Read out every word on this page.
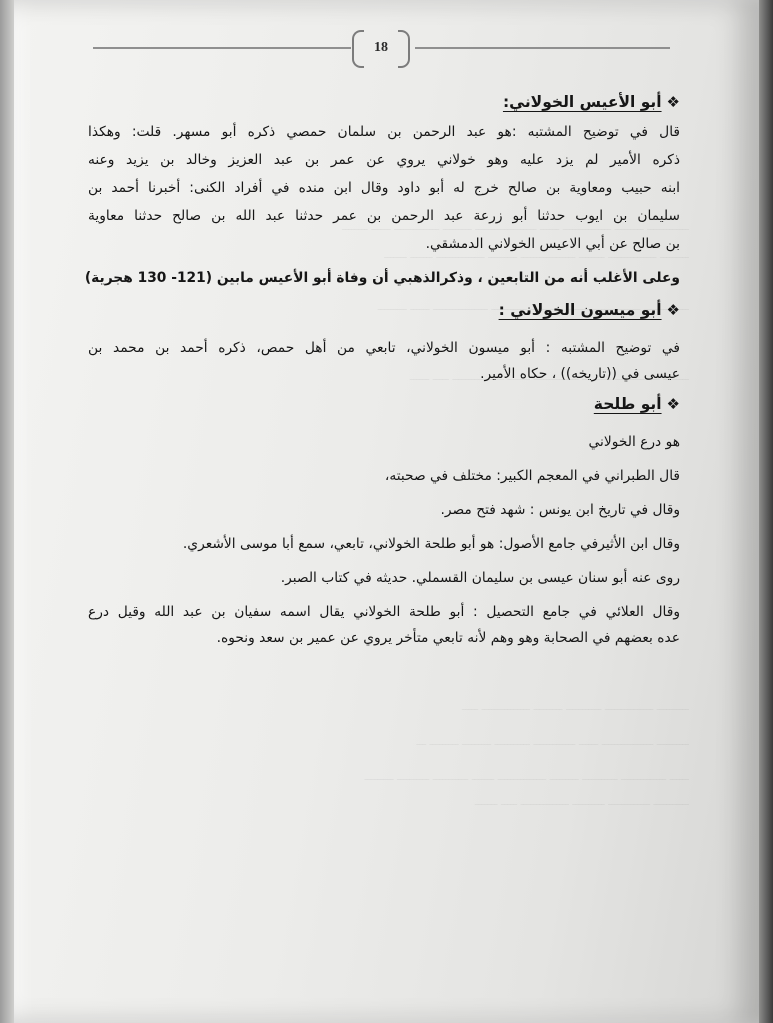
18
❖أبو الأعيس الخولاني:

قال في توضيح المشتبه :هو عبد الرحمن بن سلمان حمصي ذكره أبو مسهر. قلت: وهكذا
ذكره الأمير لم يزد عليه وهو خولاني يروي عن عمر بن عبد العزيز وخالد بن يزيد وعنه
ابنه حبيب ومعاوية بن صالح خرج له أبو داود وقال ابن منده في أفراد الكنى: أخبرنا أحمد بن
سليمان بن ايوب حدثنا أبو زرعة عبد الرحمن بن عمر حدثنا عبد الله بن صالح حدثنا معاوية
بن صالح عن أبي الاعيس الخولاني الدمشقي.

وعلى الأغلب أنه من التابعين ، وذكرالذهبي أن وفاة أبو الأعيس مابين (121- 130 هجرية)

❖أبو ميسون الخولاني :

في توضيح المشتبه : أبو ميسون الخولاني، تابعي من أهل حمص، ذكره أحمد بن محمد بن
عيسى في ((تاريخه)) ، حكاه الأمير.

❖أبو طلحة

هو درع الخولاني

قال الطبراني في المعجم الكبير: مختلف في صحبته،

وقال في تاريخ ابن يونس : شهد فتح مصر.

وقال ابن الأثيرفي جامع الأصول: هو أبو طلحة الخولاني، تابعي، سمع أبا موسى الأشعري.

روى عنه أبو سنان عيسى بن سليمان القسملي. حديثه في كتاب الصبر.

وقال العلائي في جامع التحصيل : أبو طلحة الخولاني يقال اسمه سفيان بن عبد الله وقيل درع
عده بعضهم في الصحابة وهو وهم لأنه تابعي متأخر يروي عن عمير بن سعد ونحوه.
